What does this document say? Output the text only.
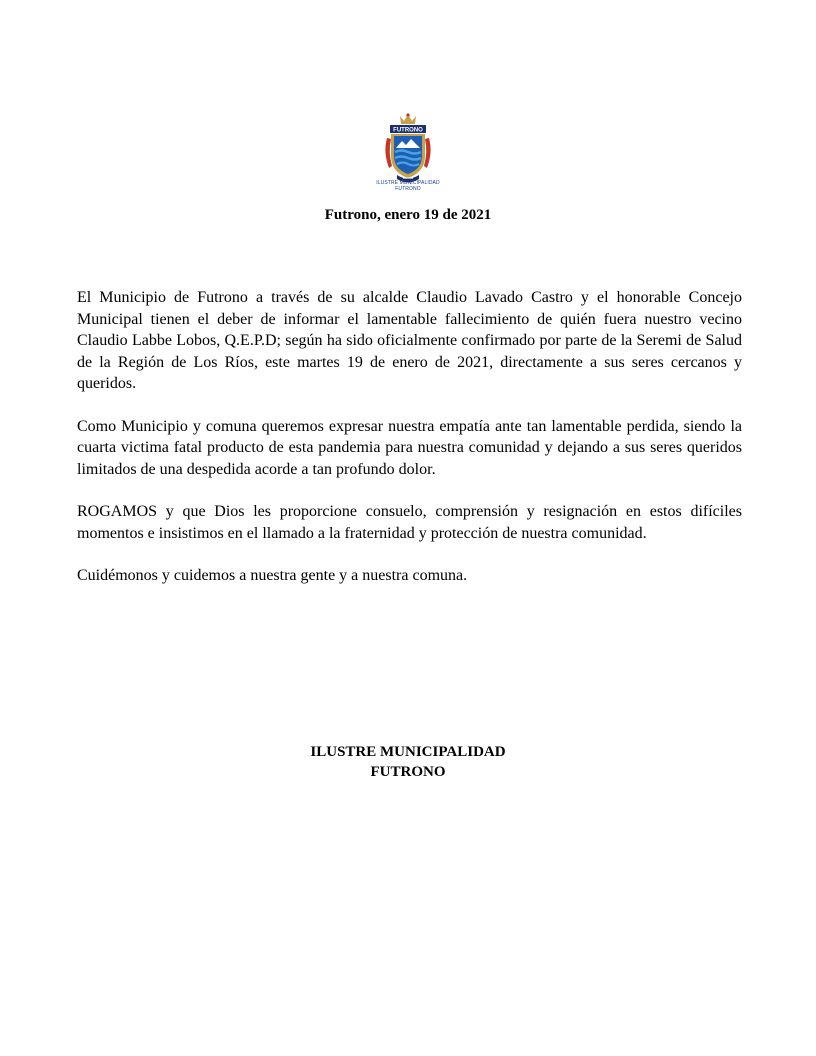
FUTRONO
ILUSTRE MUNICIPALIDAD
FUTRONO
Futrono, enero 19 de 2021

El Municipio de Futrono a través de su alcalde Claudio Lavado Castro y el honorable Concejo Municipal tienen el deber de informar el lamentable fallecimiento de quién fuera nuestro vecino Claudio Labbe Lobos, Q.E.P.D; según ha sido oficialmente confirmado por parte de la Seremi de Salud de la Región de Los Ríos, este martes 19 de enero de 2021, directamente a sus seres cercanos y queridos.

Como Municipio y comuna queremos expresar nuestra empatía ante tan lamentable perdida, siendo la cuarta victima fatal producto de esta pandemia para nuestra comunidad y dejando a sus seres queridos limitados de una despedida acorde a tan profundo dolor.

ROGAMOS y que Dios les proporcione consuelo, comprensión y resignación en estos difíciles momentos e insistimos en el llamado a la fraternidad y protección de nuestra comunidad.

Cuidémonos y cuidemos a nuestra gente y a nuestra comuna.

ILUSTRE MUNICIPALIDAD
FUTRONO
